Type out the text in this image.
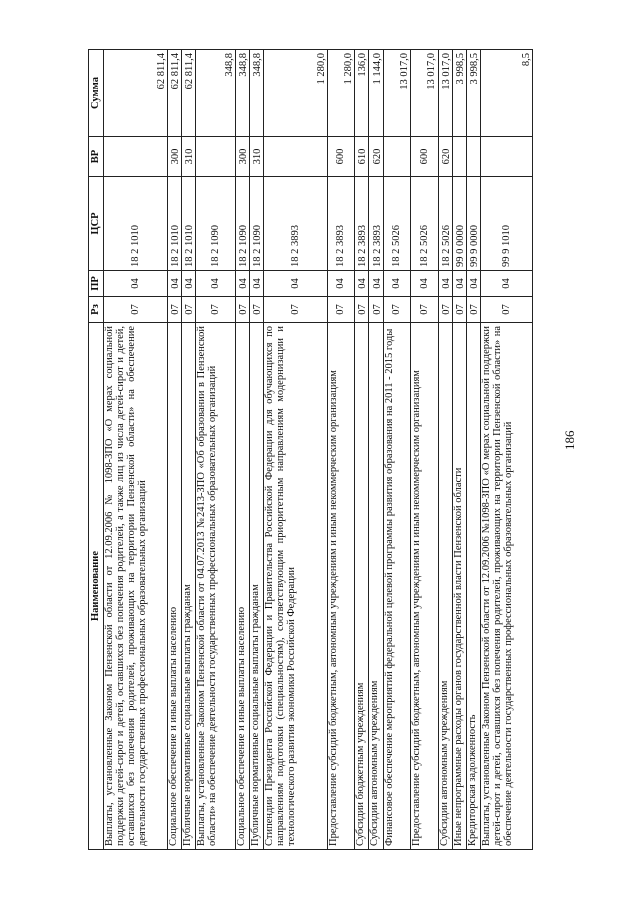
186
Наименование	Рз	ПР	ЦСР	ВР	Сумма
Выплаты, установленные Законом Пензенской области от 12.09.2006 № 1098-ЗПО «О мерах социальной поддержки детей-сирот и детей, оставшихся без попечения родителей, а также лиц из числа детей-сирот и детей, оставшихся без попечения родителей, проживающих на территории Пензенской области» на обеспечение деятельности государственных профессиональных образовательных организаций	07	04	18 2 1010		62 811,4
Социальное обеспечение и иные выплаты населению	07	04	18 2 1010	300	62 811,4
Публичные нормативные социальные выплаты гражданам	07	04	18 2 1010	310	62 811,4
Выплаты, установленные Законом Пензенской области от 04.07.2013 №2413-ЗПО «Об образовании в Пензенской области» на обеспечение деятельности государственных профессиональных образовательных организаций	07	04	18 2 1090		348,8
Социальное обеспечение и иные выплаты населению	07	04	18 2 1090	300	348,8
Публичные нормативные социальные выплаты гражданам	07	04	18 2 1090	310	348,8
Стипендии Президента Российской Федерации и Правительства Российской Федерации для обучающихся по направлениям подготовки (специальностям), соответствующим приоритетным направлениям модернизации и технологического развития экономики Российской Федерации	07	04	18 2 3893		1 280,0
Предоставление субсидий бюджетным, автономным учреждениям и иным некоммерческим организациям	07	04	18 2 3893	600	1 280,0
Субсидии бюджетным учреждениям	07	04	18 2 3893	610	136,0
Субсидии автономным учреждениям	07	04	18 2 3893	620	1 144,0
Финансовое обеспечение мероприятий федеральной целевой программы развития образования на 2011 - 2015 годы	07	04	18 2 5026		13 017,0
Предоставление субсидий бюджетным, автономным учреждениям и иным некоммерческим организациям	07	04	18 2 5026	600	13 017,0
Субсидии автономным учреждениям	07	04	18 2 5026	620	13 017,0
Иные непрограммные расходы органов государственной власти Пензенской области	07	04	99 0 0000		3 998,5
Кредиторская задолженность	07	04	99 9 0000		3 998,5
Выплаты, установленные Законом Пензенской области от 12.09.2006 №1098-ЗПО «О мерах социальной поддержки детей-сирот и детей, оставшихся без попечения родителей, проживающих на территории Пензенской области» на обеспечение деятельности государственных профессиональных образовательных организаций	07	04	99 9 1010		8,5
